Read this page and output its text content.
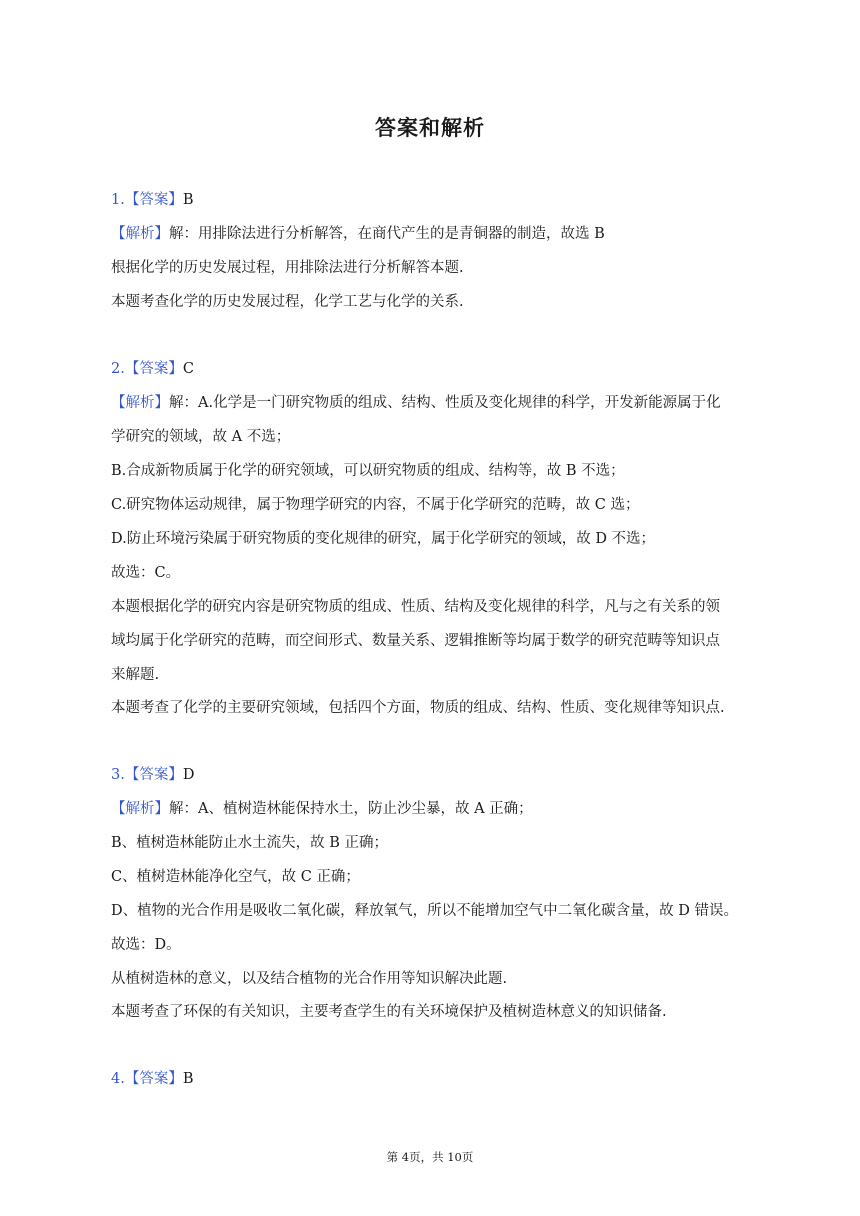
答案和解析
1.【答案】B
【解析】解：用排除法进行分析解答，在商代产生的是青铜器的制造，故选 B
根据化学的历史发展过程，用排除法进行分析解答本题.
本题考查化学的历史发展过程，化学工艺与化学的关系.
2.【答案】C
【解析】解：A.化学是一门研究物质的组成、结构、性质及变化规律的科学，开发新能源属于化
学研究的领域，故 A 不选；
B.合成新物质属于化学的研究领域，可以研究物质的组成、结构等，故 B 不选；
C.研究物体运动规律，属于物理学研究的内容，不属于化学研究的范畴，故 C 选；
D.防止环境污染属于研究物质的变化规律的研究，属于化学研究的领域，故 D 不选；
故选：C。
本题根据化学的研究内容是研究物质的组成、性质、结构及变化规律的科学，凡与之有关系的领
域均属于化学研究的范畴，而空间形式、数量关系、逻辑推断等均属于数学的研究范畴等知识点
来解题.
本题考查了化学的主要研究领域，包括四个方面，物质的组成、结构、性质、变化规律等知识点.
3.【答案】D
【解析】解：A、植树造林能保持水土，防止沙尘暴，故 A 正确；
B、植树造林能防止水土流失，故 B 正确；
C、植树造林能净化空气，故 C 正确；
D、植物的光合作用是吸收二氧化碳，释放氧气，所以不能增加空气中二氧化碳含量，故 D 错误。
故选：D。
从植树造林的意义，以及结合植物的光合作用等知识解决此题.
本题考查了环保的有关知识，主要考查学生的有关环境保护及植树造林意义的知识储备.
4.【答案】B
第 4页，共 10页
